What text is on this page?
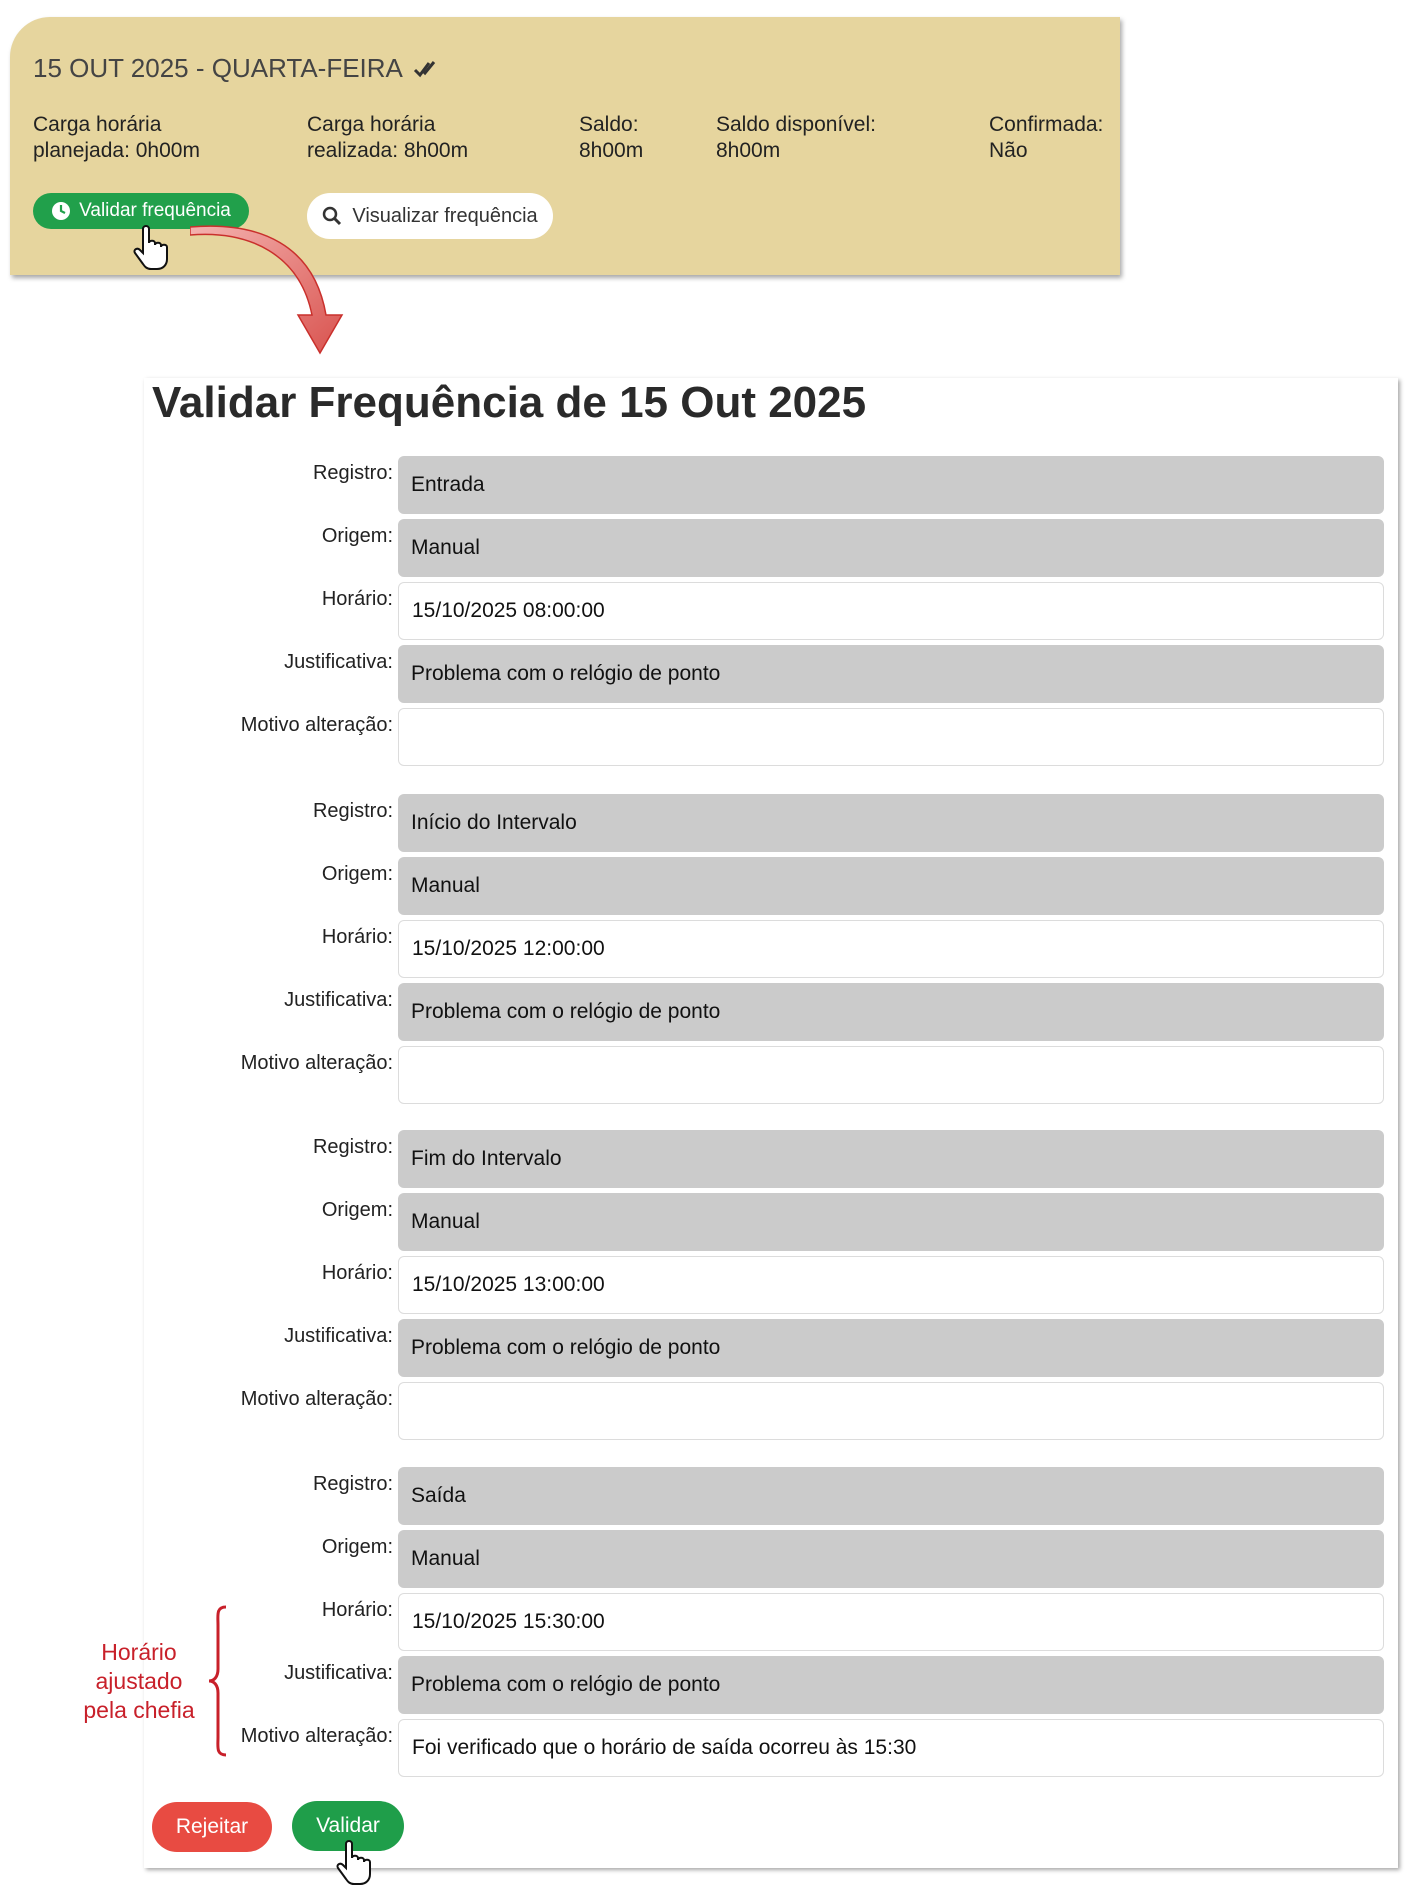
15 OUT 2025 - QUARTA-FEIRA
Carga horária
planejada: 0h00m
Carga horária
realizada: 8h00m
Saldo:
8h00m
Saldo disponível:
8h00m
Confirmada:
Não
Validar frequência	Visualizar frequência
Validar Frequência de 15 Out 2025
Registro: Entrada
Origem: Manual
Horário: 15/10/2025 08:00:00
Justificativa: Problema com o relógio de ponto
Motivo alteração:
Registro: Início do Intervalo
Origem: Manual
Horário: 15/10/2025 12:00:00
Justificativa: Problema com o relógio de ponto
Motivo alteração:
Registro: Fim do Intervalo
Origem: Manual
Horário: 15/10/2025 13:00:00
Justificativa: Problema com o relógio de ponto
Motivo alteração:
Registro: Saída
Origem: Manual
Horário: 15/10/2025 15:30:00
Justificativa: Problema com o relógio de ponto
Motivo alteração: Foi verificado que o horário de saída ocorreu às 15:30
Rejeitar	Validar
Horário
ajustado
pela chefia
